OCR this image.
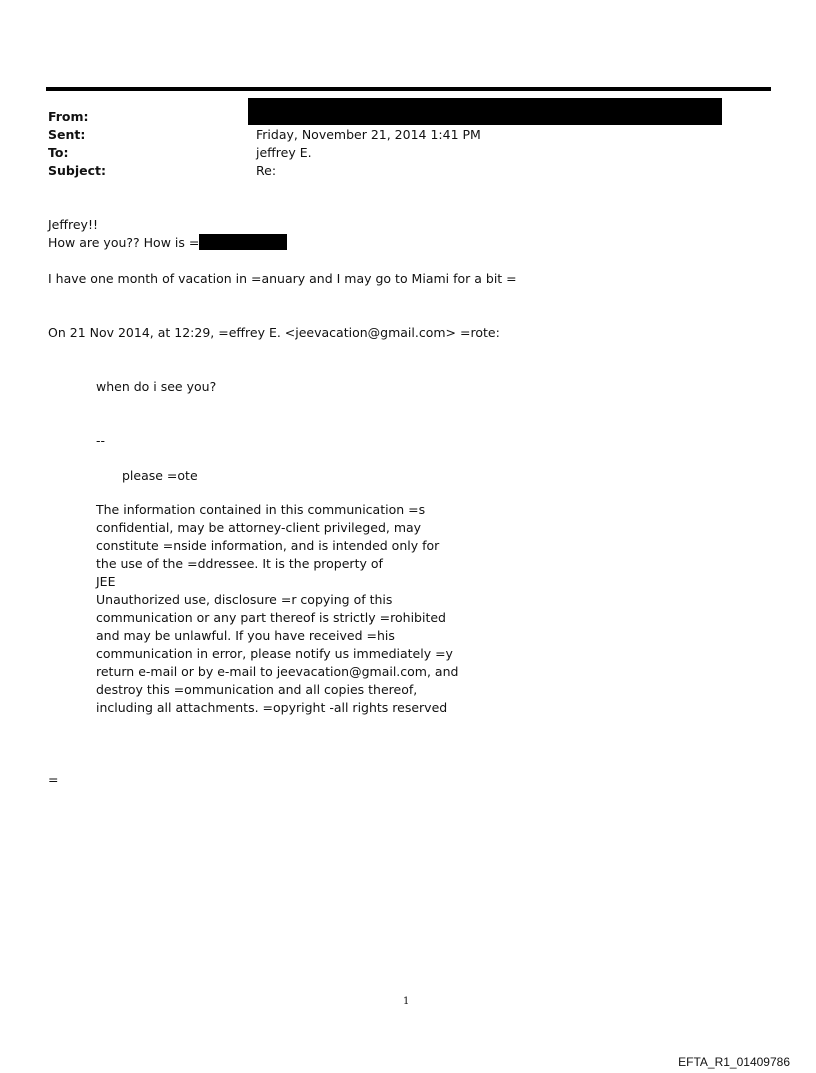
From:
Sent:	Friday, November 21, 2014 1:41 PM
To:	jeffrey E.
Subject:	Re:
Jeffrey!!
How are you?? How is =
I have one month of vacation in =anuary and I may go to Miami for a bit =
On 21 Nov 2014, at 12:29, =effrey E. <jeevacation@gmail.com> =rote:
when do i see you?
--
please =ote
The information contained in this communication =s
confidential, may be attorney-client privileged, may
constitute =nside information, and is intended only for
the use of the =ddressee. It is the property of
JEE
Unauthorized use, disclosure =r copying of this
communication or any part thereof is strictly =rohibited
and may be unlawful. If you have received =his
communication in error, please notify us immediately =y
return e-mail or by e-mail to jeevacation@gmail.com, and
destroy this =ommunication and all copies thereof,
including all attachments. =opyright -all rights reserved
=
1
EFTA_R1_01409786
